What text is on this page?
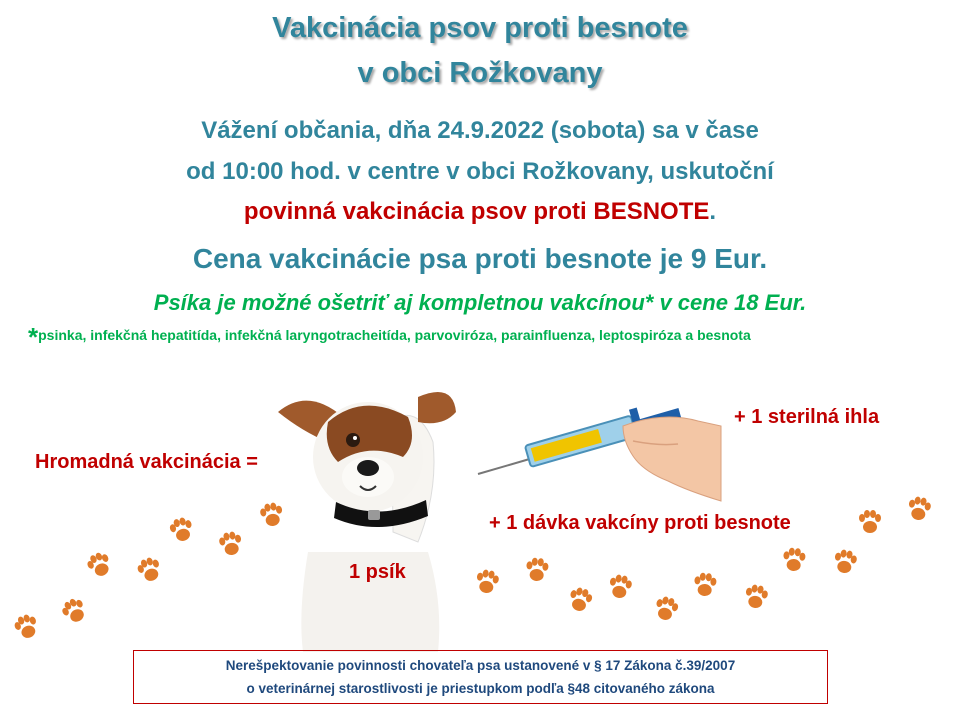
Vakcinácia psov proti besnote
v obci Rožkovany
Vážení občania, dňa 24.9.2022 (sobota) sa v čase
od 10:00 hod. v centre v obci Rožkovany, uskutoční
povinná vakcinácia psov proti BESNOTE.
Cena vakcinácie psa proti besnote je 9 Eur.
Psíka je možné ošetriť aj kompletnou vakcínou* v cene 18 Eur.
*psinka, infekčná hepatitída, infekčná laryngotracheitída, parvoviróza, parainfluenza, leptospiróza a besnota
Hromadná vakcinácia =
+ 1 sterilná ihla
+ 1 dávka vakcíny proti besnote
1 psík
Nerešpektovanie povinnosti chovateľa psa ustanovené v § 17 Zákona č.39/2007
o veterinárnej starostlivosti je priestupkom podľa §48 citovaného zákona
